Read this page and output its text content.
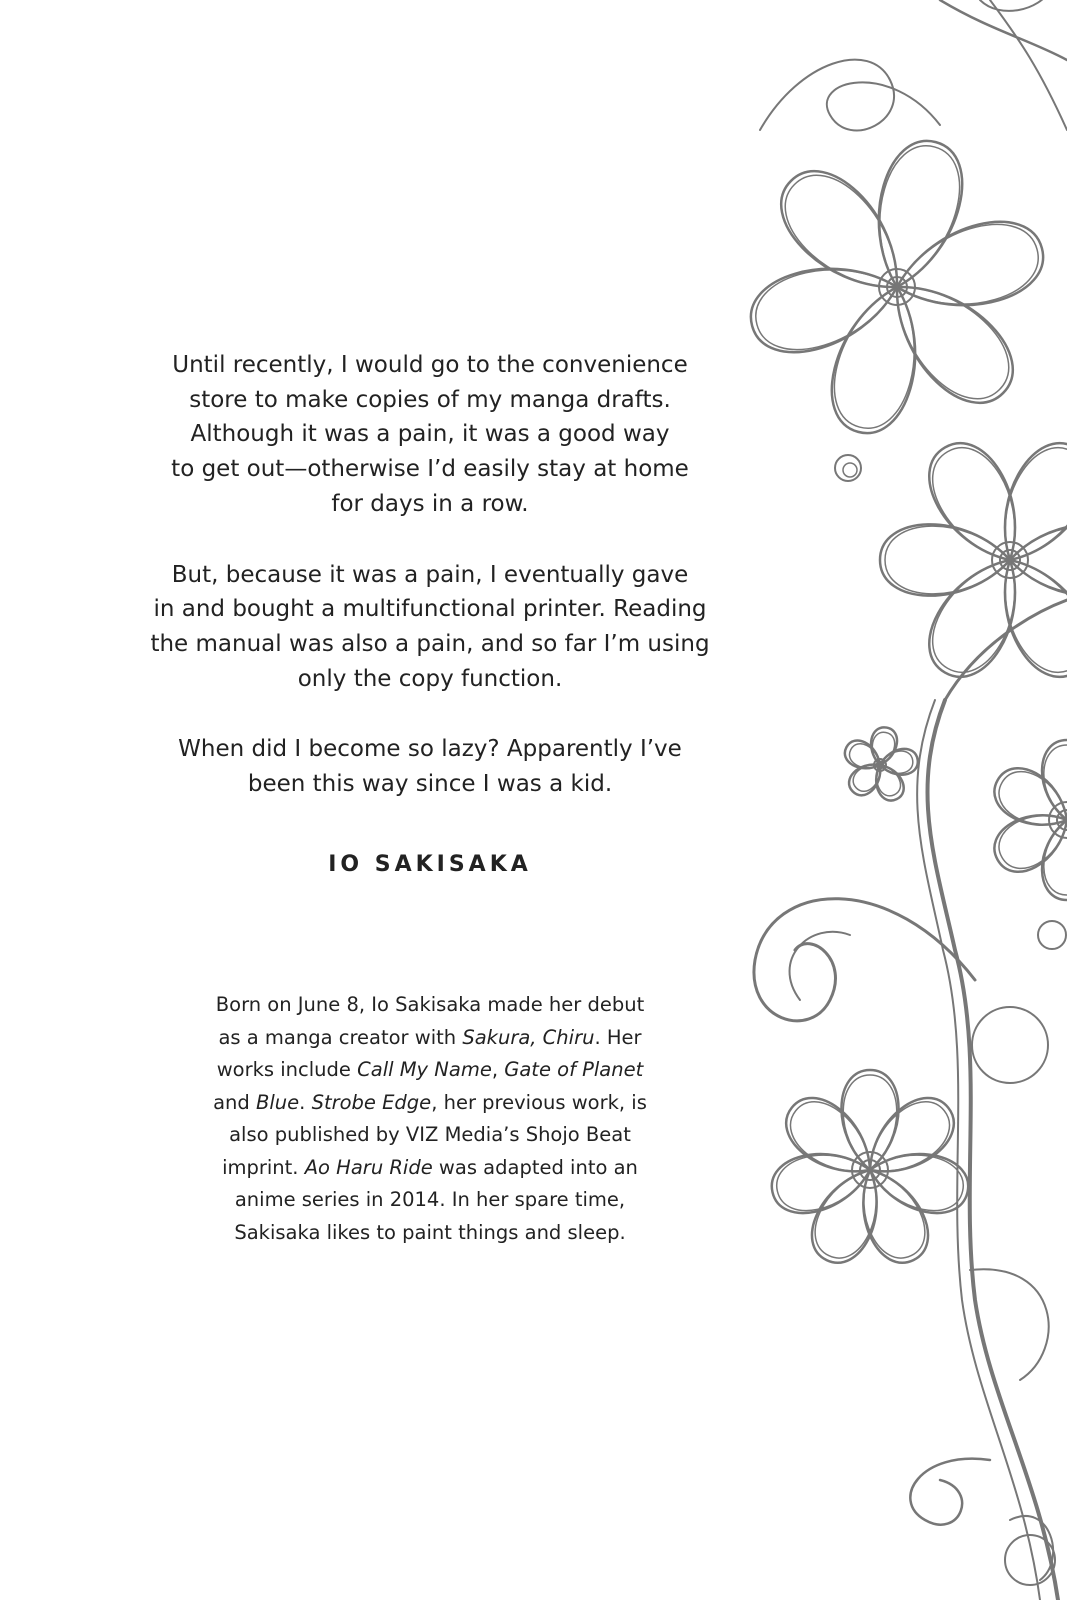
Until recently, I would go to the convenience
store to make copies of my manga drafts.
Although it was a pain, it was a good way
to get out—otherwise I’d easily stay at home
for days in a row.

But, because it was a pain, I eventually gave
in and bought a multifunctional printer. Reading
the manual was also a pain, and so far I’m using
only the copy function.

When did I become so lazy? Apparently I’ve
been this way since I was a kid.

IO SAKISAKA
Born on June 8, Io Sakisaka made her debut
as a manga creator with Sakura, Chiru. Her
works include Call My Name, Gate of Planet
and Blue. Strobe Edge, her previous work, is
also published by VIZ Media’s Shojo Beat
imprint. Ao Haru Ride was adapted into an
anime series in 2014. In her spare time,
Sakisaka likes to paint things and sleep.
